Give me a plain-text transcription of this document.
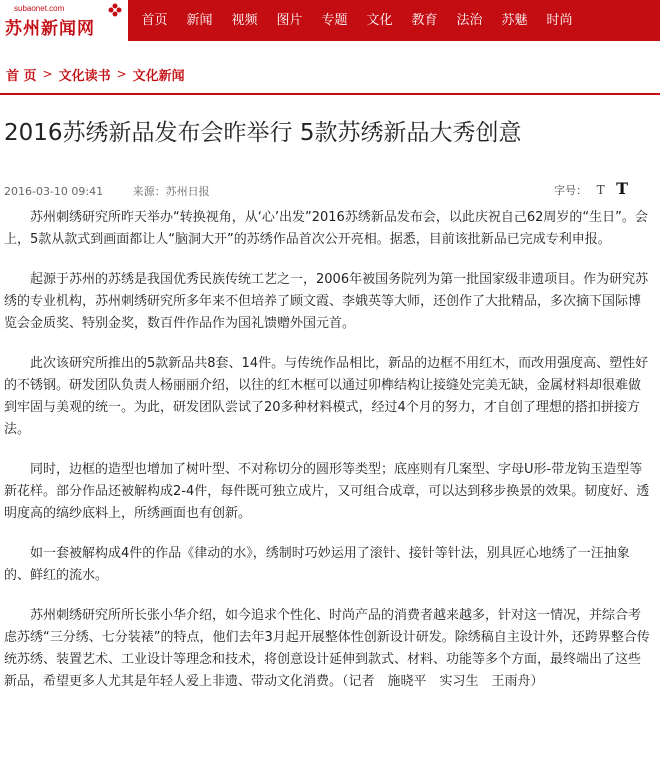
subaonet.com
苏州新闻网	首页	新闻	视频	图片	专题	文化	教育	法治	苏魅	时尚
首 页 > 文化读书 > 文化新闻
2016苏绣新品发布会昨举行 5款苏绣新品大秀创意
2016-03-10 09:41	来源：苏州日报	字号： T T

苏州刺绣研究所昨天举办“转换视角，从‘心’出发”2016苏绣新品发布会，以此庆祝自己62周岁的“生日”。会上，5款从款式到画面都让人“脑洞大开”的苏绣作品首次公开亮相。据悉，目前该批新品已完成专利申报。

起源于苏州的苏绣是我国优秀民族传统工艺之一，2006年被国务院列为第一批国家级非遗项目。作为研究苏绣的专业机构，苏州刺绣研究所多年来不但培养了顾文霞、李娥英等大师，还创作了大批精品，多次摘下国际博览会金质奖、特别金奖，数百件作品作为国礼馈赠外国元首。

此次该研究所推出的5款新品共8套、14件。与传统作品相比，新品的边框不用红木，而改用强度高、塑性好的不锈钢。研发团队负责人杨丽丽介绍，以往的红木框可以通过卯榫结构让接缝处完美无缺，金属材料却很难做到牢固与美观的统一。为此，研发团队尝试了20多种材料模式，经过4个月的努力，才自创了理想的搭扣拼接方法。

同时，边框的造型也增加了树叶型、不对称切分的圆形等类型；底座则有几案型、字母U形-带龙钩玉造型等新花样。部分作品还被解构成2-4件，每件既可独立成片，又可组合成章，可以达到移步换景的效果。韧度好、透明度高的缟纱底料上，所绣画面也有创新。

如一套被解构成4件的作品《律动的水》，绣制时巧妙运用了滚针、接针等针法，别具匠心地绣了一汪抽象的、鲜红的流水。

苏州刺绣研究所所长张小华介绍，如今追求个性化、时尚产品的消费者越来越多，针对这一情况，并综合考虑苏绣“三分绣、七分装裱”的特点，他们去年3月起开展整体性创新设计研发。除绣稿自主设计外，还跨界整合传统苏绣、装置艺术、工业设计等理念和技术，将创意设计延伸到款式、材料、功能等多个方面，最终端出了这些新品，希望更多人尤其是年轻人爱上非遗、带动文化消费。（记者　施晓平　实习生　王雨舟）
